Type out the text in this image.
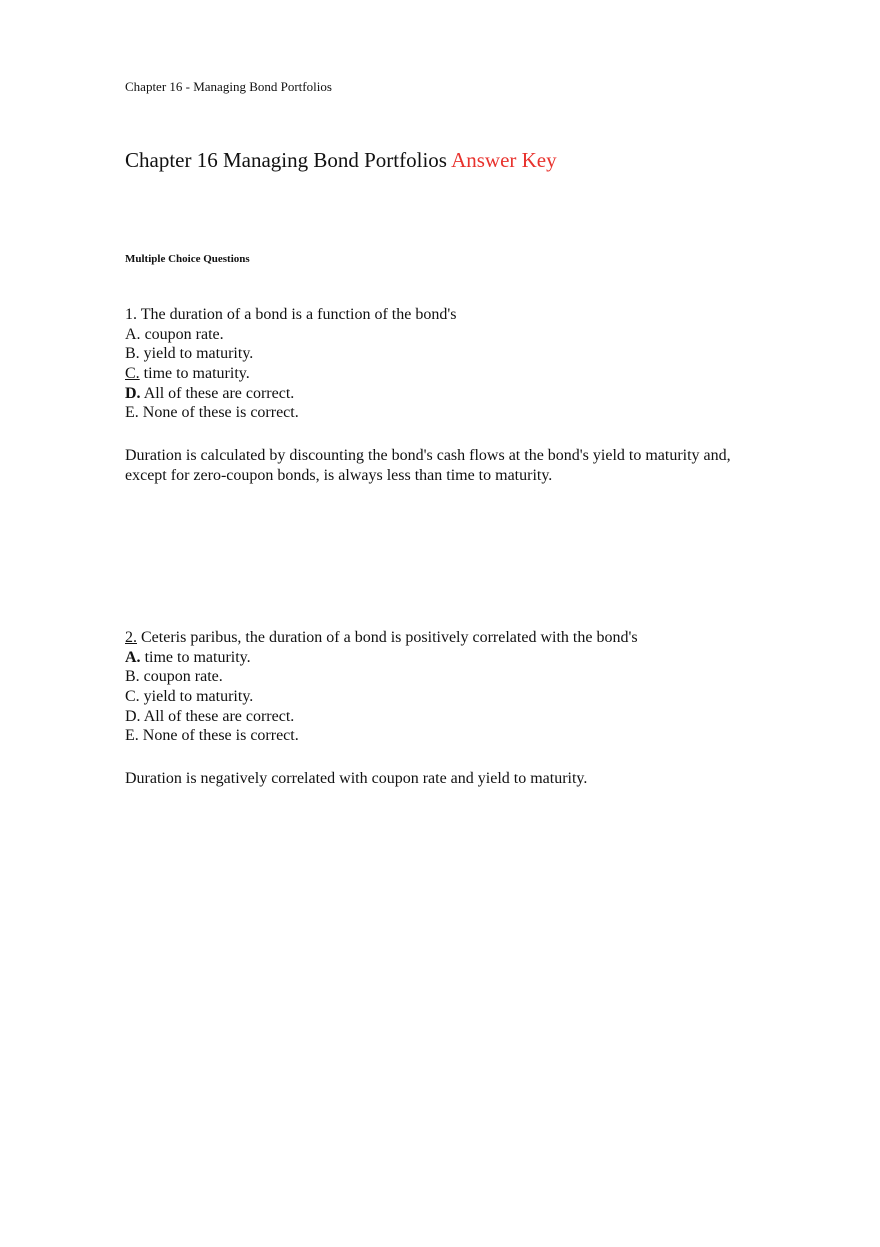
Chapter 16 - Managing Bond Portfolios
Chapter 16 Managing Bond Portfolios Answer Key
Multiple Choice Questions
1. The duration of a bond is a function of the bond's
A. coupon rate.
B. yield to maturity.
C. time to maturity.
D. All of these are correct.
E. None of these is correct.
Duration is calculated by discounting the bond's cash flows at the bond's yield to maturity and, except for zero-coupon bonds, is always less than time to maturity.
2. Ceteris paribus, the duration of a bond is positively correlated with the bond's
A. time to maturity.
B. coupon rate.
C. yield to maturity.
D. All of these are correct.
E. None of these is correct.
Duration is negatively correlated with coupon rate and yield to maturity.
